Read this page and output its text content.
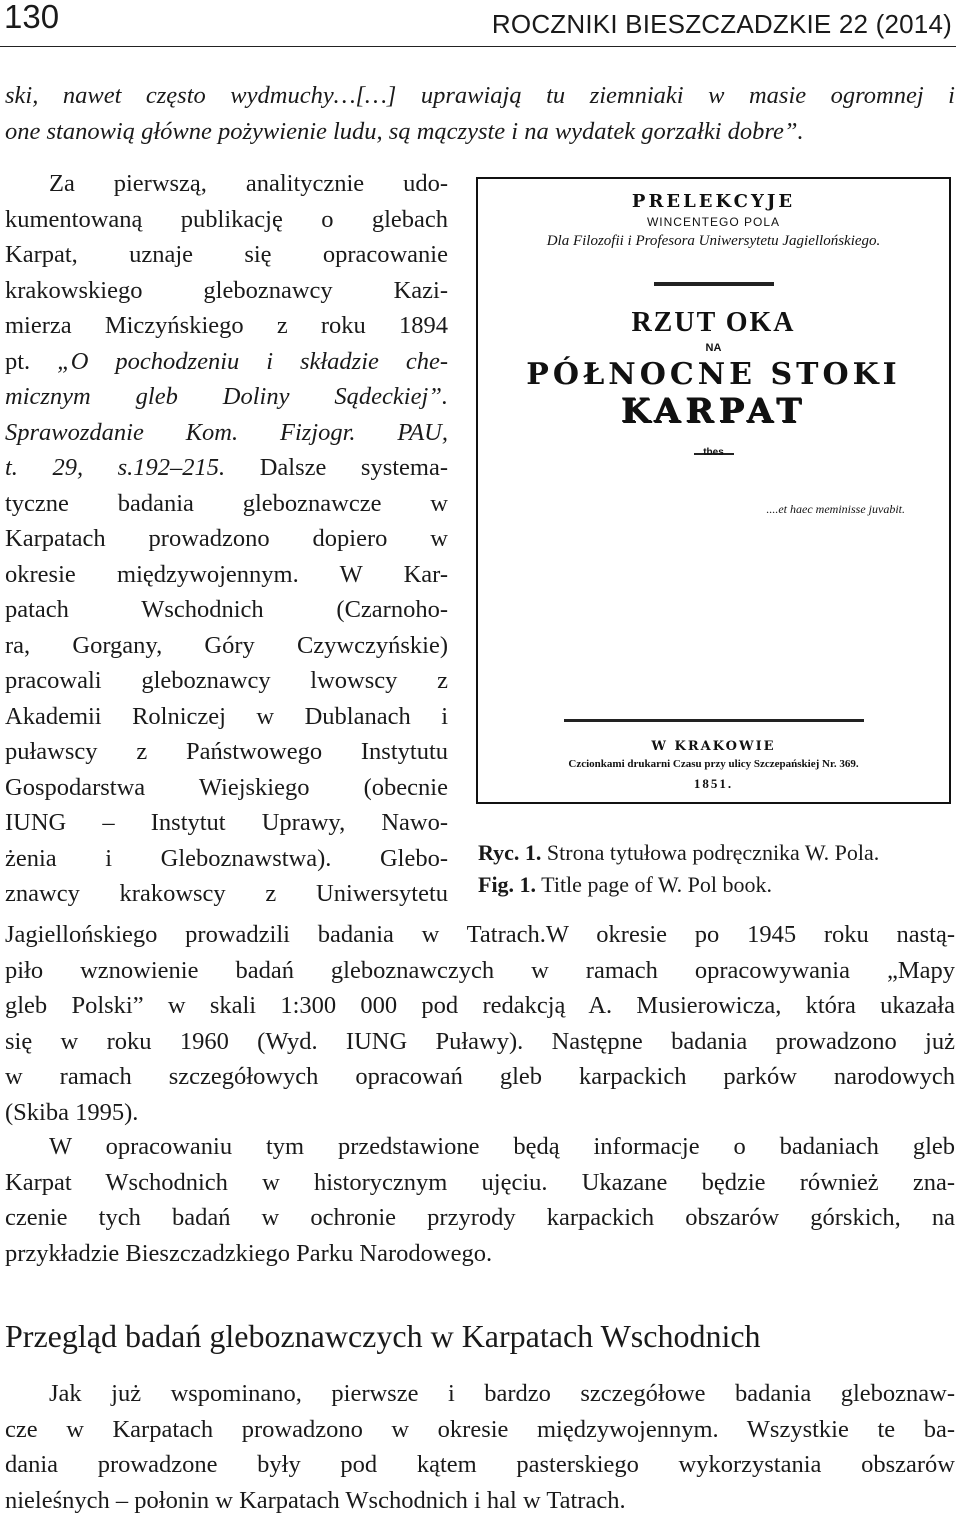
130	ROCZNIKI BIESZCZADZKIE 22 (2014)
ski, nawet często wydmuchy…[…] uprawiają tu ziemniaki w masie ogromnej i
one stanowią główne pożywienie ludu, są mączyste i na wydatek gorzałki dobre”.
Za pierwszą, analitycznie udo-
kumentowaną publikację o glebach
Karpat, uznaje się opracowanie
krakowskiego gleboznawcy Kazi-
mierza Miczyńskiego z roku 1894
pt. „O pochodzeniu i składzie che-
micznym gleb Doliny Sądeckiej”.
Sprawozdanie Kom. Fizjogr. PAU,
t. 29, s.192–215. Dalsze systema-
tyczne badania gleboznawcze w
Karpatach prowadzono dopiero w
okresie międzywojennym. W Kar-
patach Wschodnich (Czarnoho-
ra, Gorgany, Góry Czywczyńskie)
pracowali gleboznawcy lwowscy z
Akademii Rolniczej w Dublanach i
puławscy z Państwowego Instytutu
Gospodarstwa Wiejskiego (obecnie
IUNG – Instytut Uprawy, Nawo-
żenia i Gleboznawstwa). Glebo-
znawcy krakowscy z Uniwersytetu
PRELEKCYJE
WINCENTEGO POLA
Dla Filozofii i Profesora Uniwersytetu Jagiellońskiego.
RZUT OKA
NA
PÓŁNOCNE STOKI
KARPAT
tbes
....et haec meminisse juvabit.
W KRAKOWIE
Czcionkami drukarni Czasu przy ulicy Szczepańskiej Nr. 369.
1851.
Ryc. 1. Strona tytułowa podręcznika W. Pola.
Fig. 1. Title page of W. Pol book.
Jagiellońskiego prowadzili badania w Tatrach.W okresie po 1945 roku nastą-
piło wznowienie badań gleboznawczych w ramach opracowywania „Mapy
gleb Polski” w skali 1:300 000 pod redakcją A. Musierowicza, która ukazała
się w roku 1960 (Wyd. IUNG Puławy). Następne badania prowadzono już
w ramach szczegółowych opracowań gleb karpackich parków narodowych
(Skiba 1995).
W opracowaniu tym przedstawione będą informacje o badaniach gleb
Karpat Wschodnich w historycznym ujęciu. Ukazane będzie również zna-
czenie tych badań w ochronie przyrody karpackich obszarów górskich, na
przykładzie Bieszczadzkiego Parku Narodowego.
Przegląd badań gleboznawczych w Karpatach Wschodnich
Jak już wspominano, pierwsze i bardzo szczegółowe badania gleboznaw-
cze w Karpatach prowadzono w okresie międzywojennym. Wszystkie te ba-
dania prowadzone były pod kątem pasterskiego wykorzystania obszarów
nieleśnych – połonin w Karpatach Wschodnich i hal w Tatrach.
